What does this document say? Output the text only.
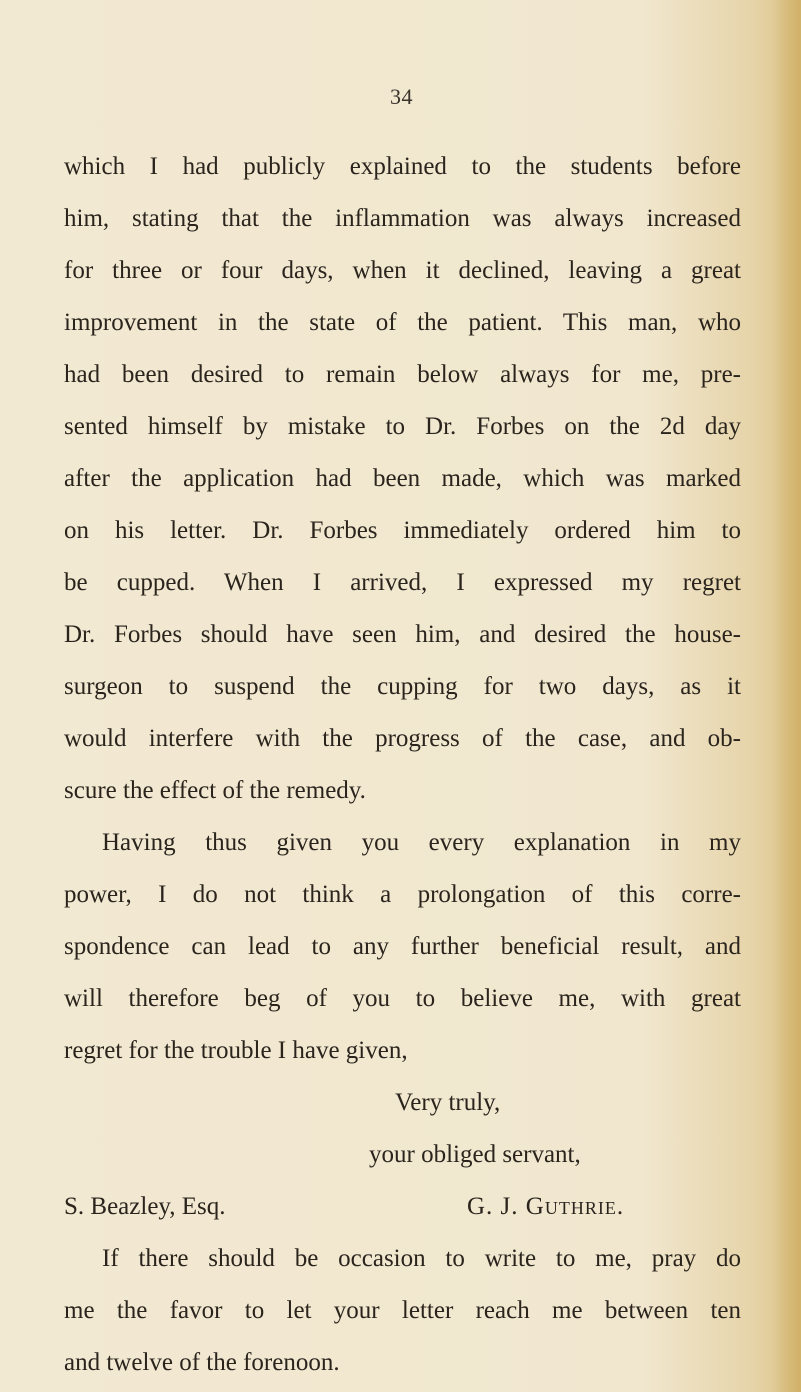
34
which I had publicly explained to the students before
him, stating that the inflammation was always increased
for three or four days, when it declined, leaving a great
improvement in the state of the patient. This man, who
had been desired to remain below always for me, pre-
sented himself by mistake to Dr. Forbes on the 2d day
after the application had been made, which was marked
on his letter. Dr. Forbes immediately ordered him to
be cupped. When I arrived, I expressed my regret
Dr. Forbes should have seen him, and desired the house-
surgeon to suspend the cupping for two days, as it
would interfere with the progress of the case, and ob-
scure the effect of the remedy.
Having thus given you every explanation in my
power, I do not think a prolongation of this corre-
spondence can lead to any further beneficial result, and
will therefore beg of you to believe me, with great
regret for the trouble I have given,
Very truly,
your obliged servant,
S. Beazley, Esq.	G. J. Guthrie.
If there should be occasion to write to me, pray do
me the favor to let your letter reach me between ten
and twelve of the forenoon.
